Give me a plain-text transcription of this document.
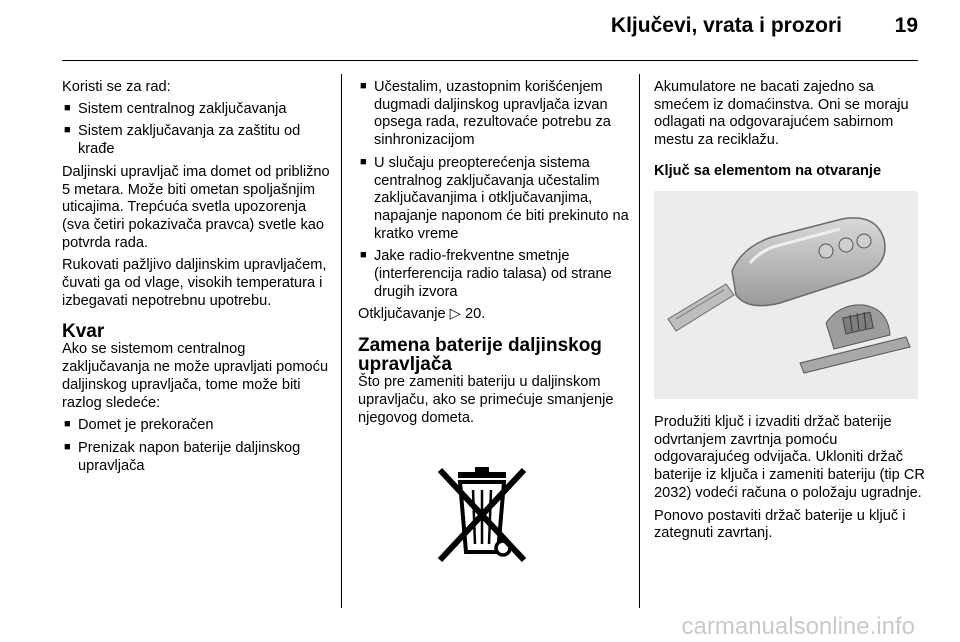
Ključevi, vrata i prozori	19

Koristi se za rad:

■ Sistem centralnog zaključavanja
■ Sistem zaključavanja za zaštitu od krađe

Daljinski upravljač ima domet od približno 5 metara. Može biti ometan spoljašnjim uticajima. Trepćuća svetla upozorenja (sva četiri pokazivača pravca) svetle kao potvrda rada.

Rukovati pažljivo daljinskim upravljačem, čuvati ga od vlage, visokih temperatura i izbegavati nepotrebnu upotrebu.

Kvar

Ako se sistemom centralnog zaključavanja ne može upravljati pomoću daljinskog upravljača, tome može biti razlog sledeće:

■ Domet je prekoračen
■ Prenizak napon baterije daljinskog upravljača
■ Učestalim, uzastopnim korišćenjem dugmadi daljinskog upravljača izvan opsega rada, rezultovaće potrebu za sinhronizacijom
■ U slučaju preopterećenja sistema centralnog zaključavanja učestalim zaključavanjima i otključavanjima, napajanje naponom će biti prekinuto na kratko vreme
■ Jake radio-frekventne smetnje (interferencija radio talasa) od strane drugih izvora

Otključavanje ▷ 20.

Zamena baterije daljinskog upravljača

Što pre zameniti bateriju u daljinskom upravljaču, ako se primećuje smanjenje njegovog dometa.

Akumulatore ne bacati zajedno sa smećem iz domaćinstva. Oni se moraju odlagati na odgovarajućem sabirnom mestu za reciklažu.

Ključ sa elementom na otvaranje

Produžiti ključ i izvaditi držač baterije odvrtanjem zavrtnja pomoću odgovarajućeg odvijača. Ukloniti držač baterije iz ključa i zameniti bateriju (tip CR 2032) vodeći računa o položaju ugradnje.

Ponovo postaviti držač baterije u ključ i zategnuti zavrtanj.

carmanualsonline.info
